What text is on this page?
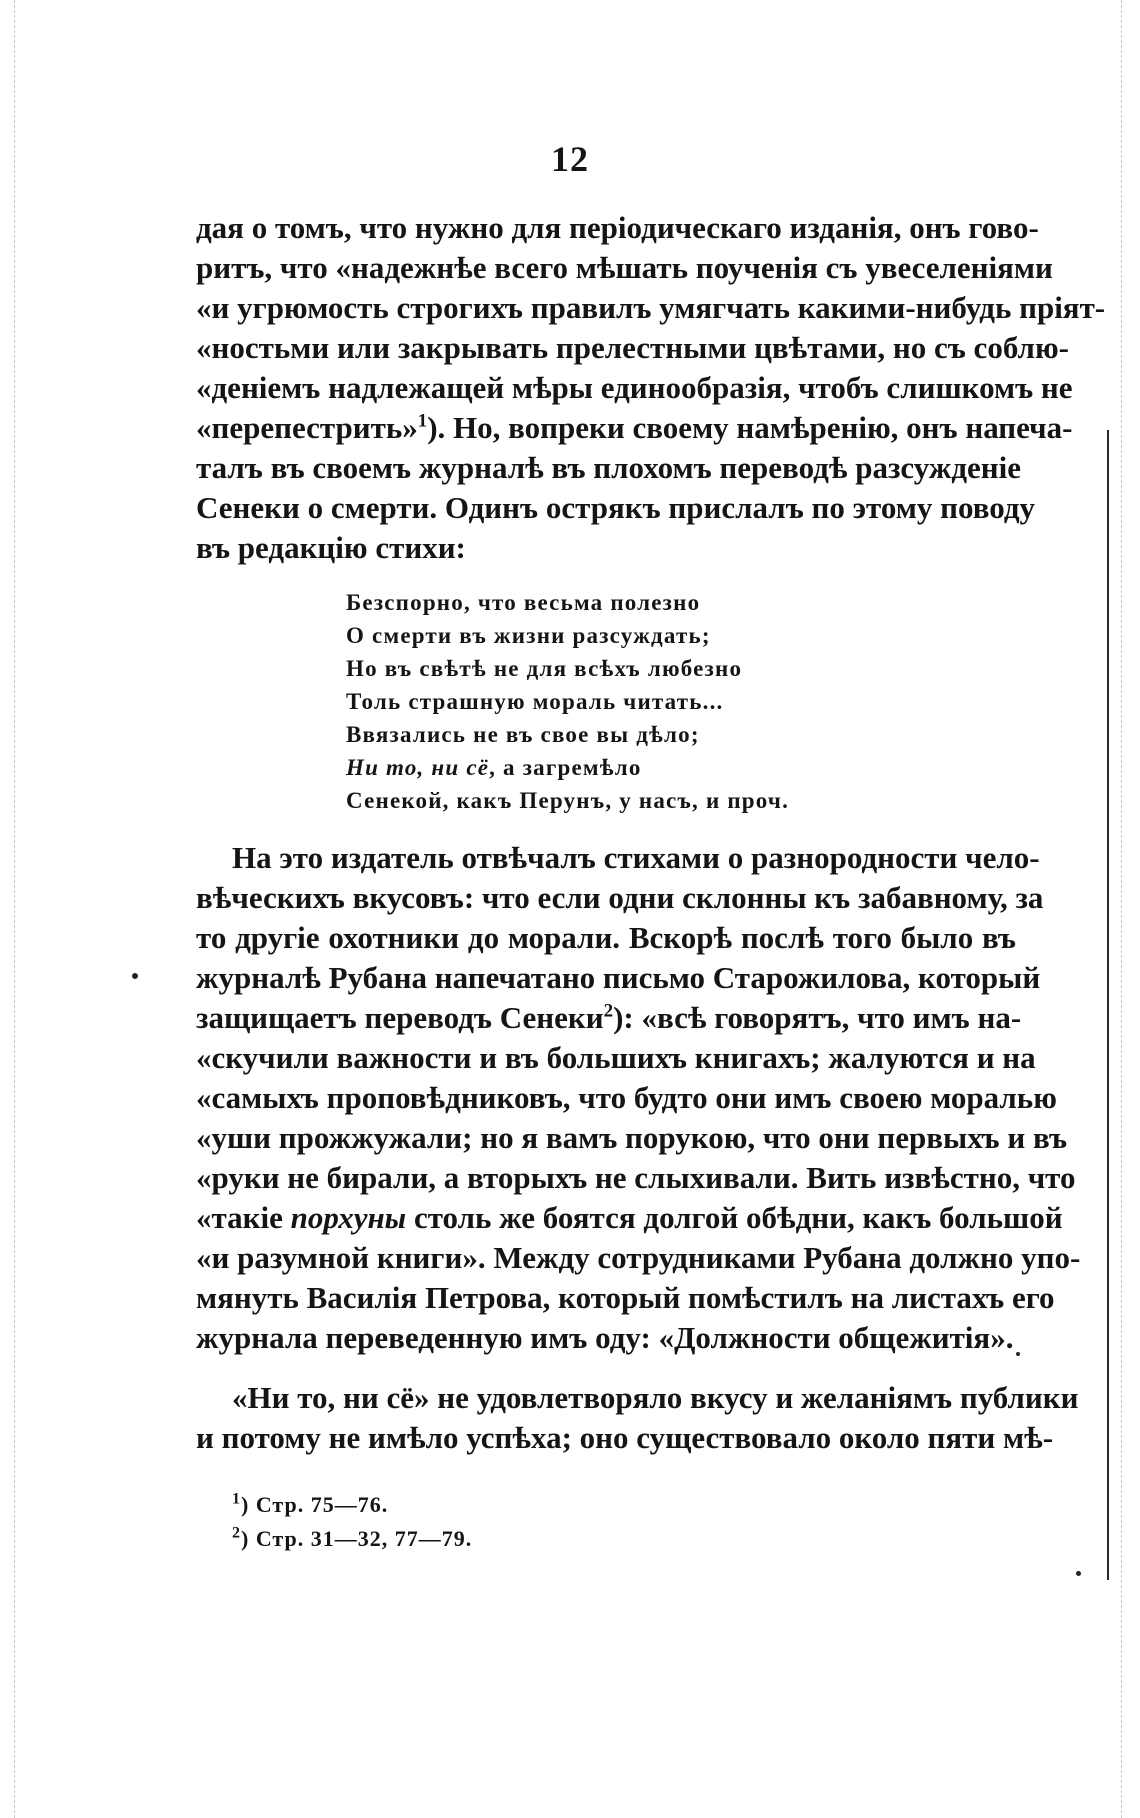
12
дая о томъ, что нужно для періодическаго изданія, онъ гово-
ритъ, что «надежнѣе всего мѣшать поученія съ увеселеніями
«и угрюмость строгихъ правилъ умягчать какими-нибудь пріят-
«ностьми или закрывать прелестными цвѣтами, но съ соблю-
«деніемъ надлежащей мѣры единообразія, чтобъ слишкомъ не
«перепестрить»$^1$). Но, вопреки своему намѣренію, онъ напеча-
талъ въ своемъ журналѣ въ плохомъ переводѣ разсужденіе
Сенеки о смерти. Одинъ острякъ прислалъ по этому поводу
въ редакцію стихи:
Безспорно, что весьма полезно
О смерти въ жизни разсуждать;
Но въ свѣтѣ не для всѣхъ любезно
Толь страшную мораль читать...
Ввязались не въ свое вы дѣло;
Ни то, ни сё, а загремѣло
Сенекой, какъ Перунъ, у насъ, и проч.
На это издатель отвѣчалъ стихами о разнородности чело-
вѣческихъ вкусовъ: что если одни склонны къ забавному, за
то другіе охотники до морали. Вскорѣ послѣ того было въ
журналѣ Рубана напечатано письмо Старожилова, который
защищаетъ переводъ Сенеки$^2$): «всѣ говорятъ, что имъ на-
«скучили важности и въ большихъ книгахъ; жалуются и на
«самыхъ проповѣдниковъ, что будто они имъ своею моралью
«уши прожжужали; но я вамъ порукою, что они первыхъ и въ
«руки не бирали, а вторыхъ не слыхивали. Вить извѣстно, что
«такіе порхуны столь же боятся долгой обѣдни, какъ большой
«и разумной книги». Между сотрудниками Рубана должно упо-
мянуть Василія Петрова, который помѣстилъ на листахъ его
журнала переведенную имъ оду: «Должности общежитія».
«Ни то, ни сё» не удовлетворяло вкусу и желаніямъ публики
и потому не имѣло успѣха; оно существовало около пяти мѣ-
$^1$) Стр. 75—76.
$^2$) Стр. 31—32, 77—79.
